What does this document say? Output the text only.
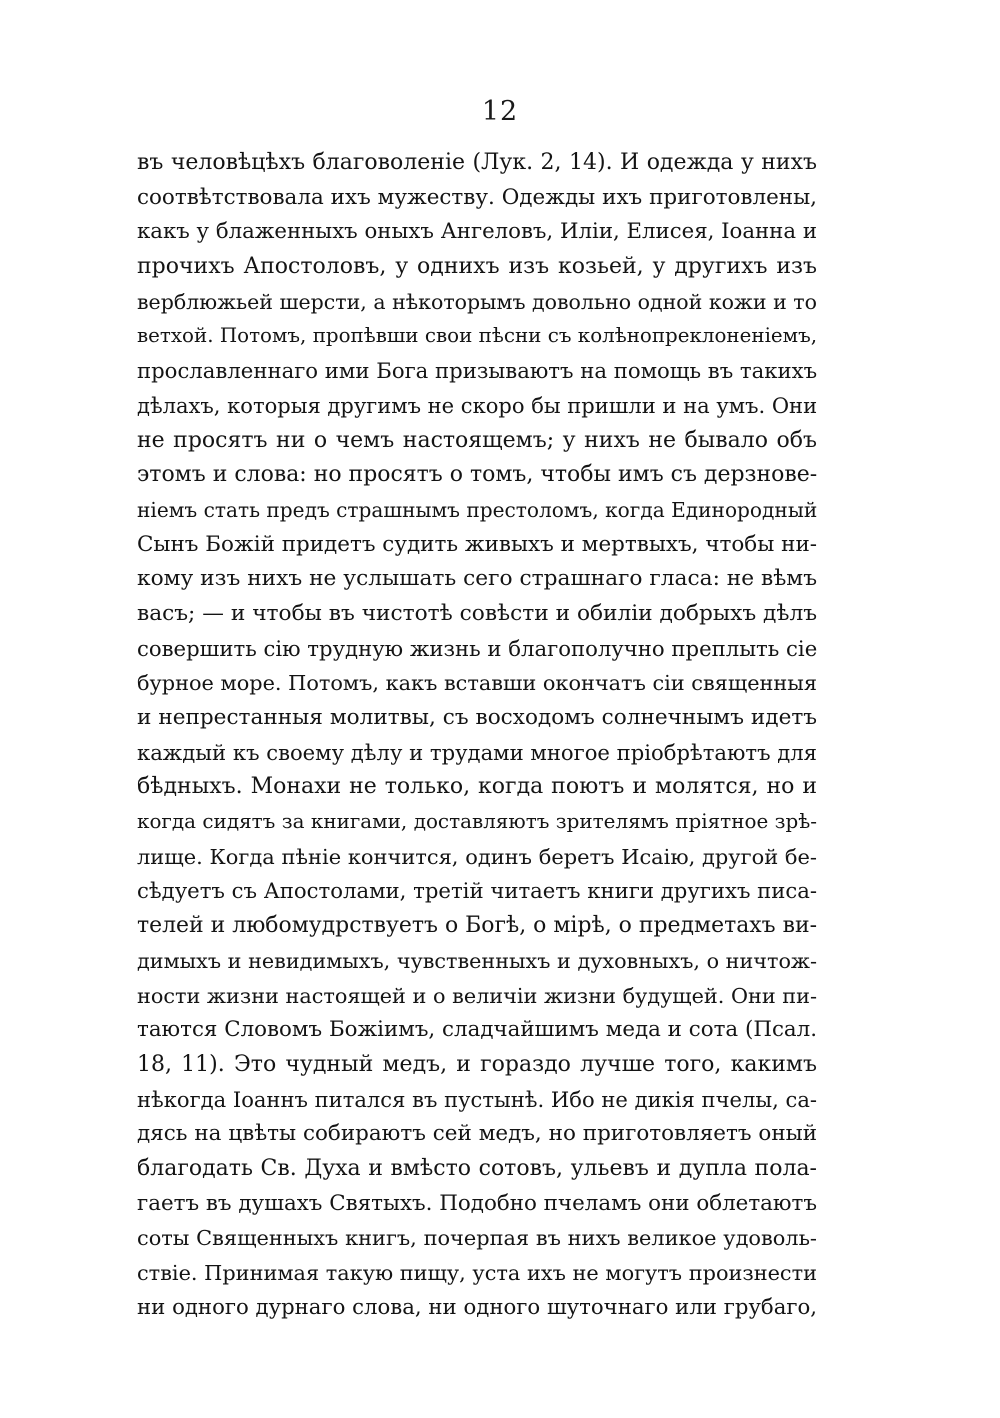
12
въ человѣцѣхъ благоволеніе (Лук. 2, 14). И одежда у нихъ
соотвѣтствовала ихъ мужеству. Одежды ихъ приготовлены,
какъ у блаженныхъ оныхъ Ангеловъ, Иліи, Елисея, Іоанна и
прочихъ Апостоловъ, у однихъ изъ козьей, у другихъ изъ
верблюжьей шерсти, а нѣкоторымъ довольно одной кожи и то
ветхой. Потомъ, пропѣвши свои пѣсни съ колѣнопреклоненіемъ,
прославленнаго ими Бога призываютъ на помощь въ такихъ
дѣлахъ, которыя другимъ не скоро бы пришли и на умъ. Они
не просятъ ни о чемъ настоящемъ; у нихъ не бывало объ
этомъ и слова: но просятъ о томъ, чтобы имъ съ дерзнове-
ніемъ стать предъ страшнымъ престоломъ, когда Единородный
Сынъ Божій придетъ судить живыхъ и мертвыхъ, чтобы ни-
кому изъ нихъ не услышать сего страшнаго гласа: не вѣмъ
васъ; — и чтобы въ чистотѣ совѣсти и обиліи добрыхъ дѣлъ
совершить сію трудную жизнь и благополучно преплыть сіе
бурное море. Потомъ, какъ вставши окончатъ сіи священныя
и непрестанныя молитвы, съ восходомъ солнечнымъ идетъ
каждый къ своему дѣлу и трудами многое пріобрѣтаютъ для
бѣдныхъ. Монахи не только, когда поютъ и молятся, но и
когда сидятъ за книгами, доставляютъ зрителямъ пріятное зрѣ-
лище. Когда пѣніе кончится, одинъ беретъ Исаію, другой бе-
сѣдуетъ съ Апостолами, третій читаетъ книги другихъ писа-
телей и любомудрствуетъ о Богѣ, о мірѣ, о предметахъ ви-
димыхъ и невидимыхъ, чувственныхъ и духовныхъ, о ничтож-
ности жизни настоящей и о величіи жизни будущей. Они пи-
таются Словомъ Божіимъ, сладчайшимъ меда и сота (Псал.
18, 11). Это чудный медъ, и гораздо лучше того, какимъ
нѣкогда Іоаннъ питался въ пустынѣ. Ибо не дикія пчелы, са-
дясь на цвѣты собираютъ сей медъ, но приготовляетъ оный
благодать Св. Духа и вмѣсто сотовъ, ульевъ и дупла пола-
гаетъ въ душахъ Святыхъ. Подобно пчеламъ они облетаютъ
соты Священныхъ книгъ, почерпая въ нихъ великое удоволь-
ствіе. Принимая такую пищу, уста ихъ не могутъ произнести
ни одного дурнаго слова, ни одного шуточнаго или грубаго,
